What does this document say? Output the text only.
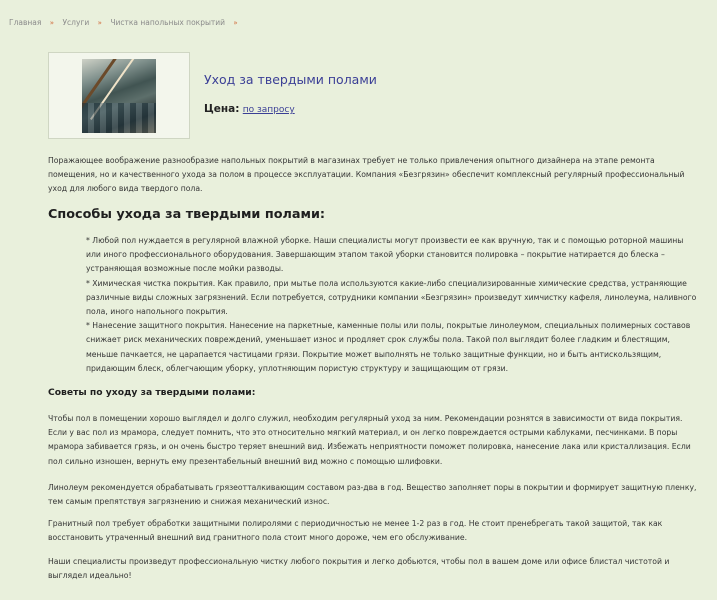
Главная » Услуги » Чистка напольных покрытий »
Уход за твердыми полами
Цена: по запросу
Поражающее воображение разнообразие напольных покрытий в магазинах требует не только привлечения опытного дизайнера на этапе ремонта помещения, но и качественного ухода за полом в процессе эксплуатации. Компания «Безгрязин» обеспечит комплексный регулярный профессиональный уход для любого вида твердого пола.
Способы ухода за твердыми полами:

* Любой пол нуждается в регулярной влажной уборке. Наши специалисты могут произвести ее как вручную, так и с помощью роторной машины или иного профессионального оборудования. Завершающим этапом такой уборки становится полировка – покрытие натирается до блеска – устраняющая возможные после мойки разводы.

* Химическая чистка покрытия. Как правило, при мытье пола используются какие-либо специализированные химические средства, устраняющие различные виды сложных загрязнений. Если потребуется, сотрудники компании «Безгрязин» произведут химчистку кафеля, линолеума, наливного пола, иного напольного покрытия.

* Нанесение защитного покрытия. Нанесение на паркетные, каменные полы или полы, покрытые линолеумом, специальных полимерных составов снижает риск механических повреждений, уменьшает износ и продляет срок службы пола. Такой пол выглядит более гладким и блестящим, меньше пачкается, не царапается частицами грязи. Покрытие может выполнять не только защитные функции, но и быть антискользящим, придающим блеск, облегчающим уборку, уплотняющим пористую структуру и защищающим от грязи.

Советы по уходу за твердыми полами:
Чтобы пол в помещении хорошо выглядел и долго служил, необходим регулярный уход за ним. Рекомендации рознятся в зависимости от вида покрытия. Если у вас пол из мрамора, следует помнить, что это относительно мягкий материал, и он легко повреждается острыми каблуками, песчинками. В поры мрамора забивается грязь, и он очень быстро теряет внешний вид. Избежать неприятности поможет полировка, нанесение лака или кристаллизация. Если пол сильно изношен, вернуть ему презентабельный внешний вид можно с помощью шлифовки.
Линолеум рекомендуется обрабатывать грязеотталкивающим составом раз-два в год. Вещество заполняет поры в покрытии и формирует защитную пленку, тем самым препятствуя загрязнению и снижая механический износ.
Гранитный пол требует обработки защитными полиролями с периодичностью не менее 1-2 раз в год. Не стоит пренебрегать такой защитой, так как восстановить утраченный внешний вид гранитного пола стоит много дороже, чем его обслуживание.
Наши специалисты произведут профессиональную чистку любого покрытия и легко добьются, чтобы пол в вашем доме или офисе блистал чистотой и выглядел идеально!
